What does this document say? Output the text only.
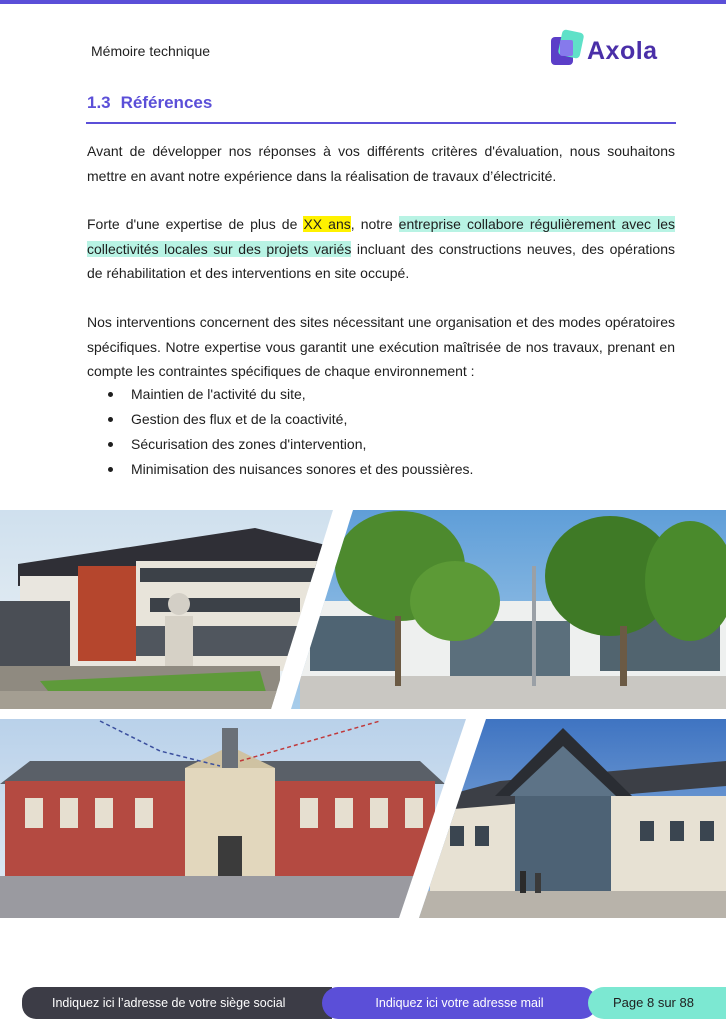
Mémoire technique	Axola
1.3 Références

Avant de développer nos réponses à vos différents critères d'évaluation, nous souhaitons mettre en avant notre expérience dans la réalisation de travaux d’électricité.

Forte d'une expertise de plus de XX ans, notre entreprise collabore régulièrement avec les collectivités locales sur des projets variés incluant des constructions neuves, des opérations de réhabilitation et des interventions en site occupé.

Nos interventions concernent des sites nécessitant une organisation et des modes opératoires spécifiques. Notre expertise vous garantit une exécution maîtrisée de nos travaux, prenant en compte les contraintes spécifiques de chaque environnement :

Maintien de l'activité du site,
Gestion des flux et de la coactivité,
Sécurisation des zones d'intervention,
Minimisation des nuisances sonores et des poussières.
Indiquez ici l’adresse de votre siège social	Indiquez ici votre adresse mail	Page 8 sur 88
